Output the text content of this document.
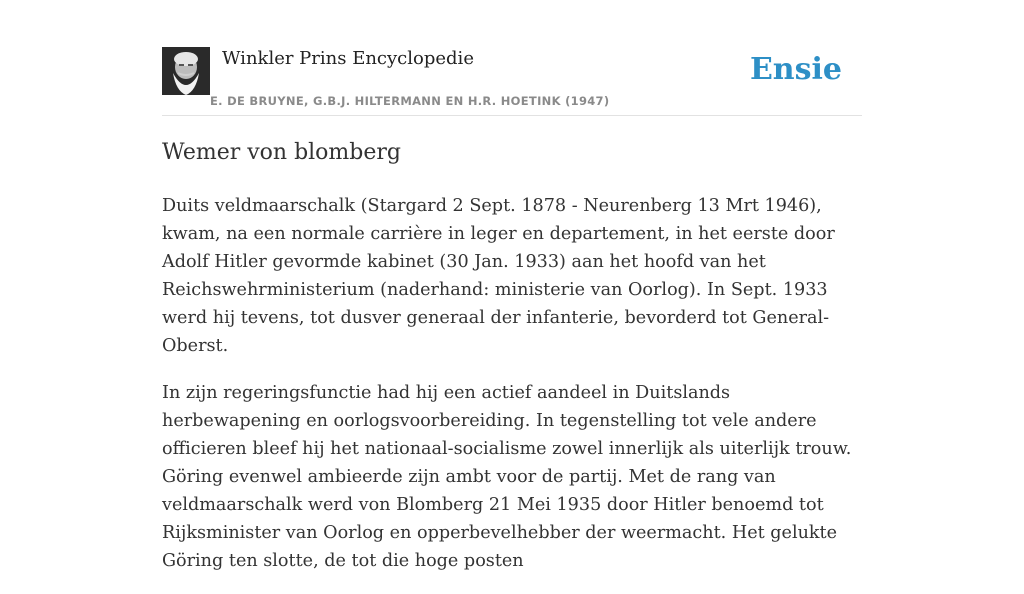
Winkler Prins Encyclopedie
E. DE BRUYNE, G.B.J. HILTERMANN EN H.R. HOETINK (1947)
Ensie
Wemer von blomberg

Duits veldmaarschalk (Stargard 2 Sept. 1878 - Neurenberg 13 Mrt 1946), kwam, na een normale carrière in leger en departement, in het eerste door Adolf Hitler gevormde kabinet (30 Jan. 1933) aan het hoofd van het Reichswehrministerium (naderhand: ministerie van Oorlog). In Sept. 1933 werd hij tevens, tot dusver generaal der infanterie, bevorderd tot General-Oberst.

In zijn regeringsfunctie had hij een actief aandeel in Duitslands herbewapening en oorlogsvoorbereiding. In tegenstelling tot vele andere officieren bleef hij het nationaal-socialisme zowel innerlijk als uiterlijk trouw. Göring evenwel ambieerde zijn ambt voor de partij. Met de rang van veldmaarschalk werd von Blomberg 21 Mei 1935 door Hitler benoemd tot Rijksminister van Oorlog en opperbevelhebber der weermacht. Het gelukte Göring ten slotte, de tot die hoge posten
